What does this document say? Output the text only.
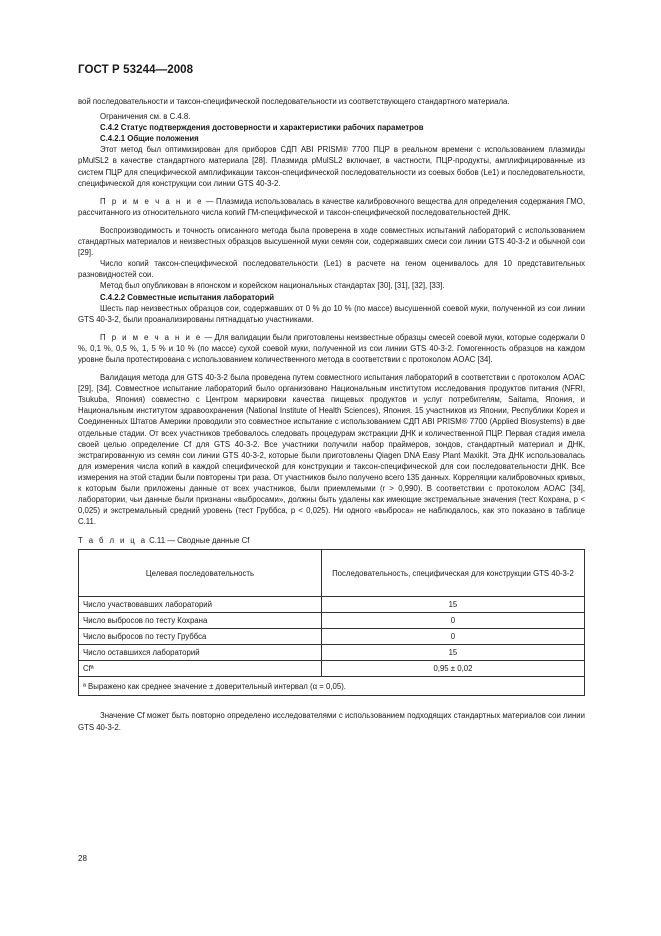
ГОСТ Р 53244—2008

вой последовательности и таксон-специфической последовательности из соответствующего стандартного материала.

Ограничения см. в С.4.8.

С.4.2 Статус подтверждения достоверности и характеристики рабочих параметров

С.4.2.1 Общие положения

Этот метод был оптимизирован для приборов СДП ABI PRISM® 7700 ПЦР в реальном времени с использованием плазмиды pMulSL2 в качестве стандартного материала [28]. Плазмида pMulSL2 включает, в частности, ПЦР-продукты, амплифицированные из систем ПЦР для специфической амплификации таксон-специфической последовательности из соевых бобов (Le1) и последовательности, специфической для конструкции сои линии GTS 40-3-2.

П р и м е ч а н и е — Плазмида использовалась в качестве калибровочного вещества для определения содержания ГМО, рассчитанного из относительного числа копий ГМ-специфической и таксон-специфической последовательностей ДНК.

Воспроизводимость и точность описанного метода была проверена в ходе совместных испытаний лабораторий с использованием стандартных материалов и неизвестных образцов высушенной муки семян сои, содержавших смеси сои линии GTS 40-3-2 и обычной сои [29].

Число копий таксон-специфической последовательности (Le1) в расчете на геном оценивалось для 10 представительных разновидностей сои.

Метод был опубликован в японском и корейском национальных стандартах [30], [31], [32], [33].

С.4.2.2 Совместные испытания лабораторий

Шесть пар неизвестных образцов сои, содержавших от 0 % до 10 % (по массе) высушенной соевой муки, полученной из сои линии GTS 40-3-2, были проанализированы пятнадцатью участниками.

П р и м е ч а н и е — Для валидации были приготовлены неизвестные образцы смесей соевой муки, которые содержали 0 %, 0,1 %, 0,5 %, 1, 5 % и 10 % (по массе) сухой соевой муки, полученной из сои линии GTS 40-3-2. Гомогенность образцов на каждом уровне была протестирована с использованием количественного метода в соответствии с протоколом AOAC [34].

Валидация метода для GTS 40-3-2 была проведена путем совместного испытания лабораторий в соответствии с протоколом AOAC [29], [34]. Совместное испытание лабораторий было организовано Национальным институтом исследования продуктов питания (NFRI, Tsukuba, Япония) совместно с Центром маркировки качества пищевых продуктов и услуг потребителям, Saitama, Япония, и Национальным институтом здравоохранения (National Institute of Health Sciences), Япония. 15 участников из Японии, Республики Корея и Соединенных Штатов Америки проводили это совместное испытание с использованием СДП ABI PRISM® 7700 (Applied Biosystems) в две отдельные стадии. От всех участников требовалось следовать процедурам экстракции ДНК и количественной ПЦР. Первая стадия имела своей целью определение Cf для GTS 40-3-2. Все участники получили набор праймеров, зондов, стандартный материал и ДНК, экстрагированную из семян сои линии GTS 40-3-2, которые были приготовлены Qiagen DNA Easy Plant Maxikit. Эта ДНК использовалась для измерения числа копий в каждой специфической для конструкции и таксон-специфической для сои последовательности ДНК. Все измерения на этой стадии были повторены три раза. От участников было получено всего 135 данных. Корреляции калибровочных кривых, к которым были приложены данные от всех участников, были приемлемыми (r > 0,990). В соответствии с протоколом AOAC [34], лаборатории, чьи данные были признаны «выбросами», должны быть удалены как имеющие экстремальные значения (тест Кохрана, p < 0,025) и экстремальный средний уровень (тест Груббса, p < 0,025). Ни одного «выброса» не наблюдалось, как это показано в таблице С.11.

Т а б л и ц а С.11 — Сводные данные Cf

Целевая последовательность	Последовательность, специфическая для конструкции GTS 40-3-2
Число участвовавших лабораторий	15
Число выбросов по тесту Кохрана	0
Число выбросов по тесту Груббса	0
Число оставшихся лабораторий	15
Cfª	0,95 ± 0,02
ª Выражено как среднее значение ± доверительный интервал (α = 0,05).	

Значение Cf может быть повторно определено исследователями с использованием подходящих стандартных материалов сои линии GTS 40-3-2.

28
